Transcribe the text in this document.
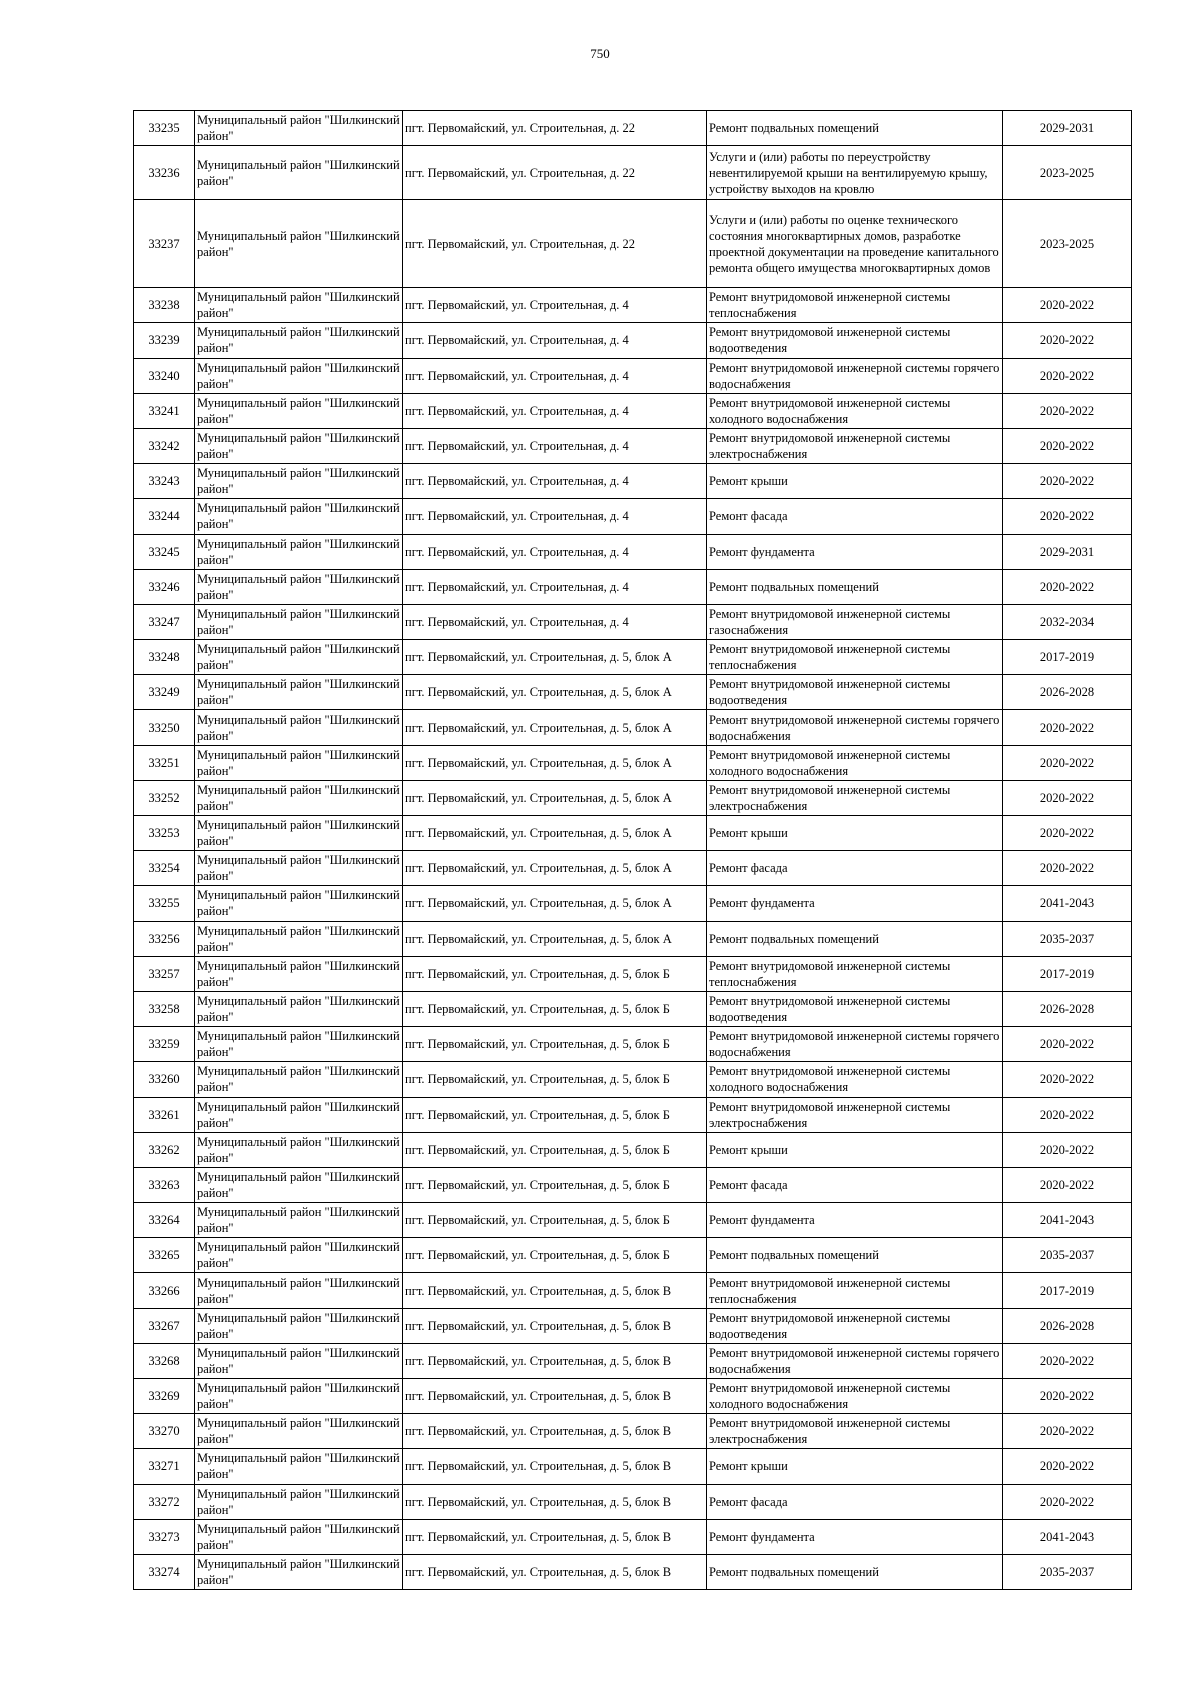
750
33235	Муниципальный район "Шилкинский район"	пгт. Первомайский, ул. Строительная, д. 22	Ремонт подвальных помещений	2029-2031
33236	Муниципальный район "Шилкинский район"	пгт. Первомайский, ул. Строительная, д. 22	Услуги и (или) работы по переустройству невентилируемой крыши на вентилируемую крышу, устройству выходов на кровлю	2023-2025
33237	Муниципальный район "Шилкинский район"	пгт. Первомайский, ул. Строительная, д. 22	Услуги и (или) работы по оценке технического состояния многоквартирных домов, разработке проектной документации на проведение капитального ремонта общего имущества многоквартирных домов	2023-2025
33238	Муниципальный район "Шилкинский район"	пгт. Первомайский, ул. Строительная, д. 4	Ремонт внутридомовой инженерной системы теплоснабжения	2020-2022
33239	Муниципальный район "Шилкинский район"	пгт. Первомайский, ул. Строительная, д. 4	Ремонт внутридомовой инженерной системы водоотведения	2020-2022
33240	Муниципальный район "Шилкинский район"	пгт. Первомайский, ул. Строительная, д. 4	Ремонт внутридомовой инженерной системы горячего водоснабжения	2020-2022
33241	Муниципальный район "Шилкинский район"	пгт. Первомайский, ул. Строительная, д. 4	Ремонт внутридомовой инженерной системы холодного водоснабжения	2020-2022
33242	Муниципальный район "Шилкинский район"	пгт. Первомайский, ул. Строительная, д. 4	Ремонт внутридомовой инженерной системы электроснабжения	2020-2022
33243	Муниципальный район "Шилкинский район"	пгт. Первомайский, ул. Строительная, д. 4	Ремонт крыши	2020-2022
33244	Муниципальный район "Шилкинский район"	пгт. Первомайский, ул. Строительная, д. 4	Ремонт фасада	2020-2022
33245	Муниципальный район "Шилкинский район"	пгт. Первомайский, ул. Строительная, д. 4	Ремонт фундамента	2029-2031
33246	Муниципальный район "Шилкинский район"	пгт. Первомайский, ул. Строительная, д. 4	Ремонт подвальных помещений	2020-2022
33247	Муниципальный район "Шилкинский район"	пгт. Первомайский, ул. Строительная, д. 4	Ремонт внутридомовой инженерной системы газоснабжения	2032-2034
33248	Муниципальный район "Шилкинский район"	пгт. Первомайский, ул. Строительная, д. 5, блок А	Ремонт внутридомовой инженерной системы теплоснабжения	2017-2019
33249	Муниципальный район "Шилкинский район"	пгт. Первомайский, ул. Строительная, д. 5, блок А	Ремонт внутридомовой инженерной системы водоотведения	2026-2028
33250	Муниципальный район "Шилкинский район"	пгт. Первомайский, ул. Строительная, д. 5, блок А	Ремонт внутридомовой инженерной системы горячего водоснабжения	2020-2022
33251	Муниципальный район "Шилкинский район"	пгт. Первомайский, ул. Строительная, д. 5, блок А	Ремонт внутридомовой инженерной системы холодного водоснабжения	2020-2022
33252	Муниципальный район "Шилкинский район"	пгт. Первомайский, ул. Строительная, д. 5, блок А	Ремонт внутридомовой инженерной системы электроснабжения	2020-2022
33253	Муниципальный район "Шилкинский район"	пгт. Первомайский, ул. Строительная, д. 5, блок А	Ремонт крыши	2020-2022
33254	Муниципальный район "Шилкинский район"	пгт. Первомайский, ул. Строительная, д. 5, блок А	Ремонт фасада	2020-2022
33255	Муниципальный район "Шилкинский район"	пгт. Первомайский, ул. Строительная, д. 5, блок А	Ремонт фундамента	2041-2043
33256	Муниципальный район "Шилкинский район"	пгт. Первомайский, ул. Строительная, д. 5, блок А	Ремонт подвальных помещений	2035-2037
33257	Муниципальный район "Шилкинский район"	пгт. Первомайский, ул. Строительная, д. 5, блок Б	Ремонт внутридомовой инженерной системы теплоснабжения	2017-2019
33258	Муниципальный район "Шилкинский район"	пгт. Первомайский, ул. Строительная, д. 5, блок Б	Ремонт внутридомовой инженерной системы водоотведения	2026-2028
33259	Муниципальный район "Шилкинский район"	пгт. Первомайский, ул. Строительная, д. 5, блок Б	Ремонт внутридомовой инженерной системы горячего водоснабжения	2020-2022
33260	Муниципальный район "Шилкинский район"	пгт. Первомайский, ул. Строительная, д. 5, блок Б	Ремонт внутридомовой инженерной системы холодного водоснабжения	2020-2022
33261	Муниципальный район "Шилкинский район"	пгт. Первомайский, ул. Строительная, д. 5, блок Б	Ремонт внутридомовой инженерной системы электроснабжения	2020-2022
33262	Муниципальный район "Шилкинский район"	пгт. Первомайский, ул. Строительная, д. 5, блок Б	Ремонт крыши	2020-2022
33263	Муниципальный район "Шилкинский район"	пгт. Первомайский, ул. Строительная, д. 5, блок Б	Ремонт фасада	2020-2022
33264	Муниципальный район "Шилкинский район"	пгт. Первомайский, ул. Строительная, д. 5, блок Б	Ремонт фундамента	2041-2043
33265	Муниципальный район "Шилкинский район"	пгт. Первомайский, ул. Строительная, д. 5, блок Б	Ремонт подвальных помещений	2035-2037
33266	Муниципальный район "Шилкинский район"	пгт. Первомайский, ул. Строительная, д. 5, блок В	Ремонт внутридомовой инженерной системы теплоснабжения	2017-2019
33267	Муниципальный район "Шилкинский район"	пгт. Первомайский, ул. Строительная, д. 5, блок В	Ремонт внутридомовой инженерной системы водоотведения	2026-2028
33268	Муниципальный район "Шилкинский район"	пгт. Первомайский, ул. Строительная, д. 5, блок В	Ремонт внутридомовой инженерной системы горячего водоснабжения	2020-2022
33269	Муниципальный район "Шилкинский район"	пгт. Первомайский, ул. Строительная, д. 5, блок В	Ремонт внутридомовой инженерной системы холодного водоснабжения	2020-2022
33270	Муниципальный район "Шилкинский район"	пгт. Первомайский, ул. Строительная, д. 5, блок В	Ремонт внутридомовой инженерной системы электроснабжения	2020-2022
33271	Муниципальный район "Шилкинский район"	пгт. Первомайский, ул. Строительная, д. 5, блок В	Ремонт крыши	2020-2022
33272	Муниципальный район "Шилкинский район"	пгт. Первомайский, ул. Строительная, д. 5, блок В	Ремонт фасада	2020-2022
33273	Муниципальный район "Шилкинский район"	пгт. Первомайский, ул. Строительная, д. 5, блок В	Ремонт фундамента	2041-2043
33274	Муниципальный район "Шилкинский район"	пгт. Первомайский, ул. Строительная, д. 5, блок В	Ремонт подвальных помещений	2035-2037
